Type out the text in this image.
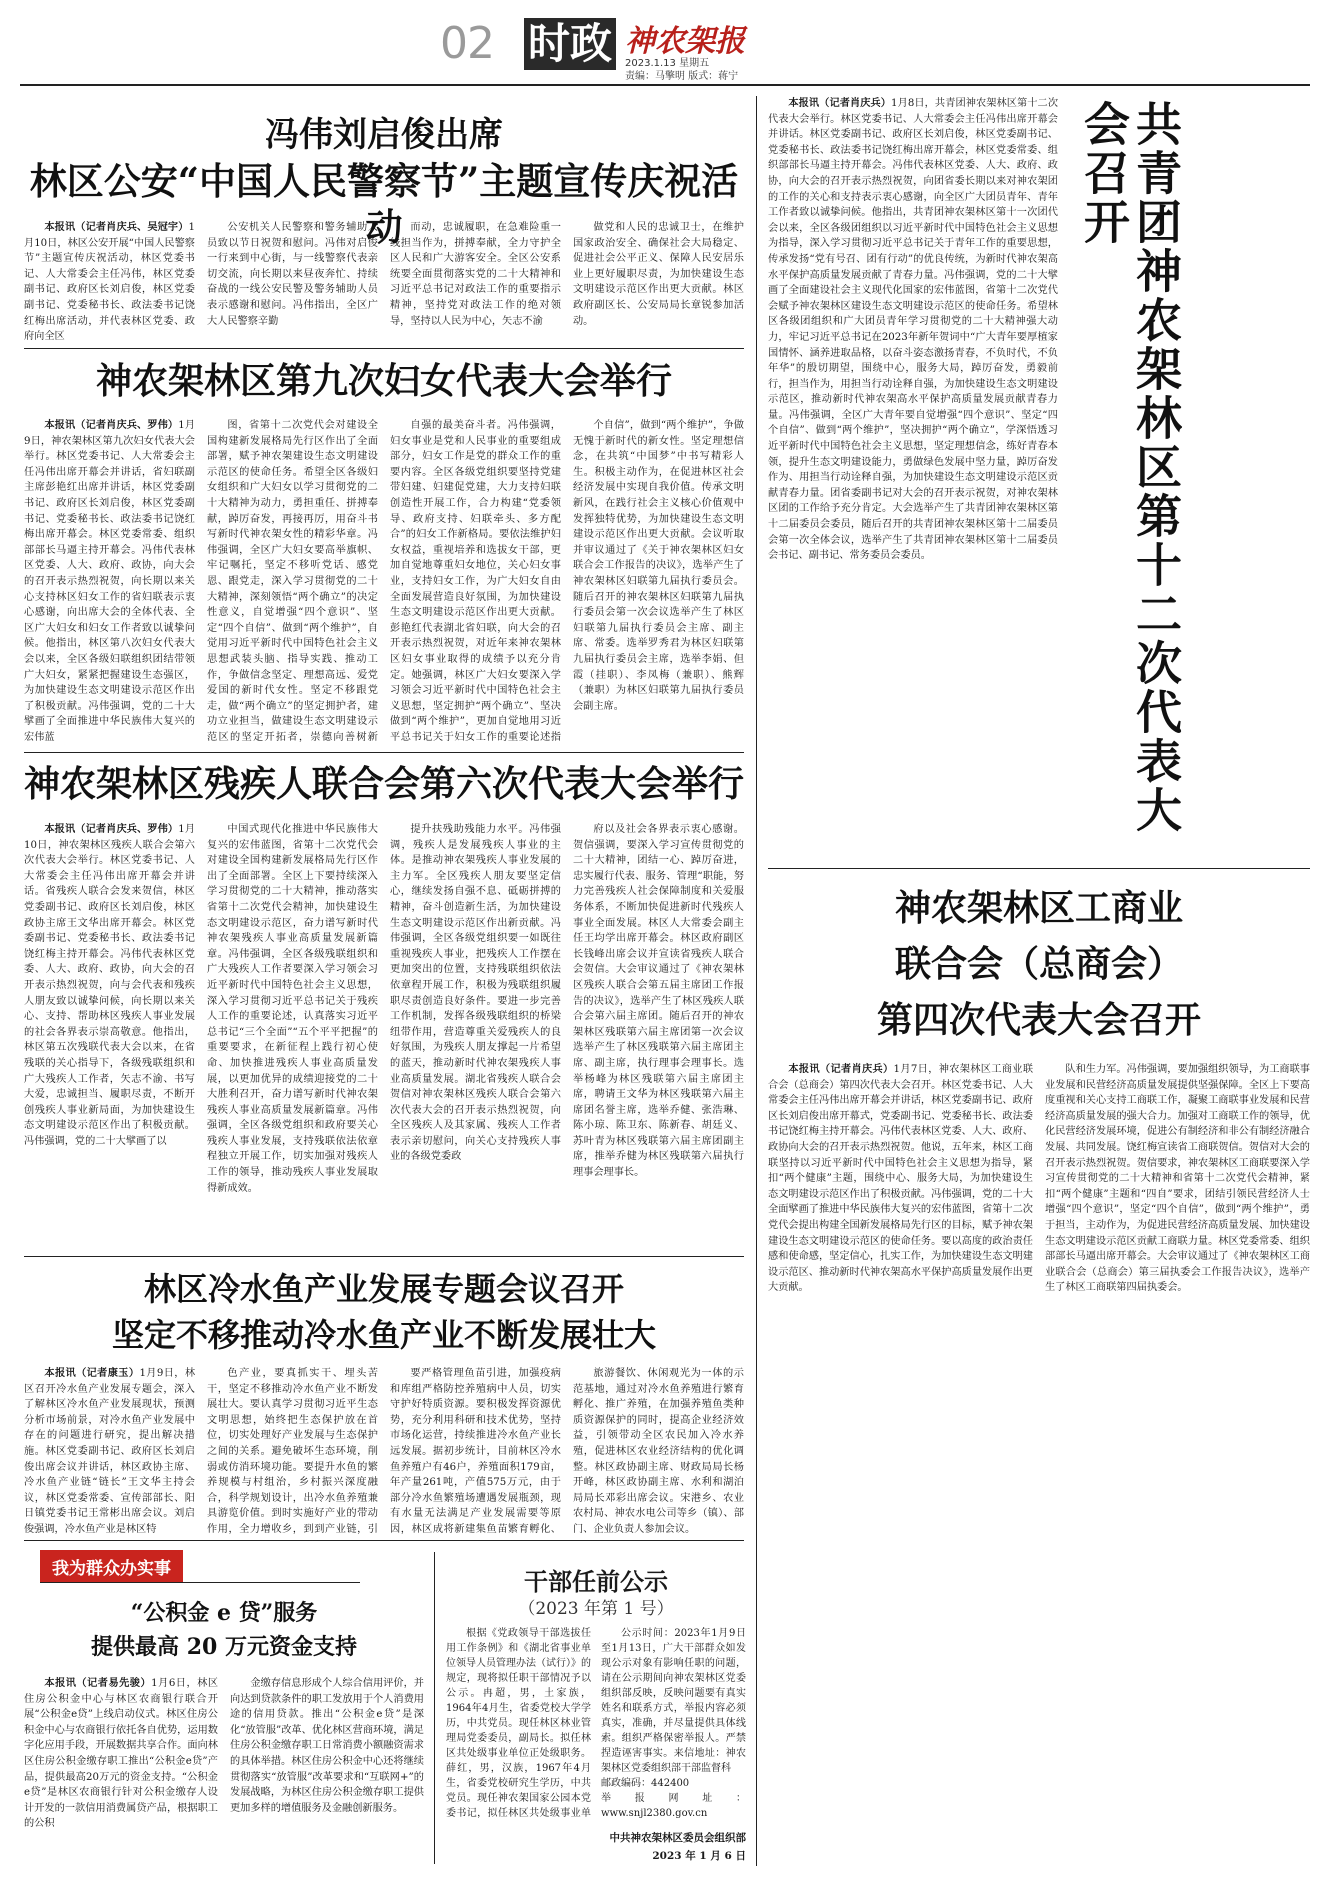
02 时政 神农架报
2023.1.13 星期五
责编：马擎明 版式：蒋宁
冯伟刘启俊出席
林区公安“中国人民警察节”主题宣传庆祝活动

本报讯（记者肖庆兵、吴冠宇）1月10日，林区公安开展“中国人民警察节”主题宣传庆祝活动，林区党委书记、人大常委会主任冯伟，林区党委副书记、政府区长刘启俊，林区党委副书记、党委秘书长、政法委书记饶红梅出席活动，并代表林区党委、政府向全区

公安机关人民警察和警务辅助人员致以节日祝贺和慰问。冯伟对启俊一行来到中心街，与一线警察代表亲切交流，向长期以来昼夜奔忙、持续奋战的一线公安民警及警务辅助人员表示感谢和慰问。冯伟指出，全区广大人民警察辛勤

而动，忠诚履职，在急难险重一线担当作为，拼搏奉献，全力守护全区人民和广大游客安全。全区公安系统要全面贯彻落实党的二十大精神和习近平总书记对政法工作的重要指示精神，坚持党对政法工作的绝对领导，坚持以人民为中心，矢志不渝

做党和人民的忠诚卫士，在维护国家政治安全、确保社会大局稳定、促进社会公平正义、保障人民安居乐业上更好履职尽责，为加快建设生态文明建设示范区作出更大贡献。林区政府副区长、公安局局长章锐参加活动。

神农架林区第九次妇女代表大会举行

本报讯（记者肖庆兵、罗伟）1月9日，神农架林区第九次妇女代表大会举行。林区党委书记、人大常委会主任冯伟出席开幕会并讲话，省妇联副主席彭艳红出席并讲话，林区党委副书记、政府区长刘启俊，林区党委副书记、党委秘书长、政法委书记饶红梅出席开幕会。林区党委常委、组织部部长马逼主持开幕会。冯伟代表林区党委、人大、政府、政协，向大会的召开表示热烈祝贺，向长期以来关心支持林区妇女工作的省妇联表示衷心感谢，向出席大会的全体代表、全区广大妇女和妇女工作者致以诚挚问候。他指出，林区第八次妇女代表大会以来，全区各级妇联组织团结带领广大妇女，紧紧把握建设生态强区，为加快建设生态文明建设示范区作出了积极贡献。冯伟强调，党的二十大擘画了全面推进中华民族伟大复兴的宏伟蓝

图，省第十二次党代会对建设全国构建新发展格局先行区作出了全面部署，赋予神农架建设生态文明建设示范区的使命任务。希望全区各级妇女组织和广大妇女以学习贯彻党的二十大精神为动力，勇担重任、拼搏奉献，踔厉奋发，再接再厉，用奋斗书写新时代神农架女性的精彩华章。冯伟强调，全区广大妇女要高举旗帜、牢记嘱托，坚定不移听党话、感党恩、跟党走，深入学习贯彻党的二十大精神，深刻领悟“两个确立”的决定性意义，自觉增强“四个意识”、坚定“四个自信”、做到“两个维护”，自觉用习近平新时代中国特色社会主义思想武装头脑、指导实践、推动工作，争做信念坚定、理想高远、爱党爱国的新时代女性。坚定不移跟党走，做“两个确立”的坚定拥护者，建功立业担当，做建设生态文明建设示范区的坚定开拓者，崇德向善树新

自强的最美奋斗者。冯伟强调，妇女事业是党和人民事业的重要组成部分，妇女工作是党的群众工作的重要内容。全区各级党组织要坚持党建带妇建、妇建促党建，大力支持妇联创造性开展工作，合力构建“党委领导、政府支持、妇联牵头、多方配合”的妇女工作新格局。要依法维护妇女权益，重视培养和选拔女干部，更加自觉地尊重妇女地位，关心妇女事业，支持妇女工作，为广大妇女自由全面发展营造良好氛围，为加快建设生态文明建设示范区作出更大贡献。彭艳红代表湖北省妇联，向大会的召开表示热烈祝贺，对近年来神农架林区妇女事业取得的成绩予以充分肯定。她强调，林区广大妇女要深入学习领会习近平新时代中国特色社会主义思想，坚定拥护“两个确立”、坚决做到“两个维护”，更加自觉地用习近平总书记关于妇女工作的重要论述指

个自信”，做到“两个维护”，争做无愧于新时代的新女性。坚定理想信念，在共筑“中国梦”中书写精彩人生。积极主动作为，在促进林区社会经济发展中实现自我价值。传承文明新风，在践行社会主义核心价值观中发挥独特优势，为加快建设生态文明建设示范区作出更大贡献。会议听取并审议通过了《关于神农架林区妇女联合会工作报告的决议》，选举产生了神农架林区妇联第九届执行委员会。随后召开的神农架林区妇联第九届执行委员会第一次会议选举产生了林区妇联第九届执行委员会主席、副主席、常委。选举罗秀君为林区妇联第九届执行委员会主席，选举李娟、但霞（挂职）、李凤梅（兼职）、熊辉（兼职）为林区妇联第九届执行委员会副主席。

神农架林区残疾人联合会第六次代表大会举行

本报讯（记者肖庆兵、罗伟）1月10日，神农架林区残疾人联合会第六次代表大会举行。林区党委书记、人大常委会主任冯伟出席开幕会并讲话。省残疾人联合会发来贺信，林区党委副书记、政府区长刘启俊，林区政协主席王文华出席开幕会。林区党委副书记、党委秘书长、政法委书记饶红梅主持开幕会。冯伟代表林区党委、人大、政府、政协，向大会的召开表示热烈祝贺，向与会代表和残疾人朋友致以诚挚问候，向长期以来关心、支持、帮助林区残疾人事业发展的社会各界表示崇高敬意。他指出，林区第五次残联代表大会以来，在省残联的关心指导下，各级残联组织和广大残疾人工作者，矢志不渝、书写大爱，忠诚担当、履职尽责，不断开创残疾人事业新局面，为加快建设生态文明建设示范区作出了积极贡献。冯伟强调，党的二十大擘画了以

中国式现代化推进中华民族伟大复兴的宏伟蓝图，省第十二次党代会对建设全国构建新发展格局先行区作出了全面部署。全区上下要持续深入学习贯彻党的二十大精神，推动落实省第十二次党代会精神，加快建设生态文明建设示范区，奋力谱写新时代神农架残疾人事业高质量发展新篇章。冯伟强调，全区各级残联组织和广大残疾人工作者要深入学习领会习近平新时代中国特色社会主义思想，深入学习贯彻习近平总书记关于残疾人工作的重要论述，认真落实习近平总书记“三个全面”“五个平平把握”的重要要求，在新征程上践行初心使命、加快推进残疾人事业高质量发展，以更加优异的成绩迎接党的二十大胜利召开，奋力谱写新时代神农架残疾人事业高质量发展新篇章。冯伟强调，全区各级党组织和政府要关心残疾人事业发展，支持残联依法依章程独立开展工作，切实加强对残疾人工作的领导，推动残疾人事业发展取得新成效。

提升扶残助残能力水平。冯伟强调，残疾人是发展残疾人事业的主体。是推动神农架残疾人事业发展的主力军。全区残疾人朋友要坚定信心，继续发扬自强不息、砥砺拼搏的精神，奋斗创造新生活，为加快建设生态文明建设示范区作出新贡献。冯伟强调，全区各级党组织要一如既往重视残疾人事业，把残疾人工作摆在更加突出的位置，支持残联组织依法依章程开展工作，积极为残联组织履职尽责创造良好条件。要进一步完善工作机制，发挥各级残联组织的桥梁纽带作用，营造尊重关爱残疾人的良好氛围，为残疾人朋友撑起一片希望的蓝天，推动新时代神农架残疾人事业高质量发展。湖北省残疾人联合会贺信对神农架林区残疾人联合会第六次代表大会的召开表示热烈祝贺，向全区残疾人及其家属、残疾人工作者表示亲切慰问，向关心支持残疾人事业的各级党委政

府以及社会各界表示衷心感谢。贺信强调，要深入学习宣传贯彻党的二十大精神，团结一心、踔厉奋进，忠实履行代表、服务、管理“职能，努力完善残疾人社会保障制度和关爱服务体系，不断加快促进新时代残疾人事业全面发展。林区人大常委会副主任王均学出席开幕会。林区政府副区长钱峰出席会议并宣读省残疾人联合会贺信。大会审议通过了《神农架林区残疾人联合会第五届主席团工作报告的决议》，选举产生了林区残疾人联合会第六届主席团。随后召开的神农架林区残联第六届主席团第一次会议选举产生了林区残联第六届主席团主席、副主席，执行理事会理事长。选举杨峰为林区残联第六届主席团主席，聘请王文华为林区残联第六届主席团名誉主席，选举乔健、张浩琳、陈小琼、陈卫东、陈新春、胡廷义、苏叶青为林区残联第六届主席团副主席，推举乔健为林区残联第六届执行理事会理事长。

林区冷水鱼产业发展专题会议召开
坚定不移推动冷水鱼产业不断发展壮大

本报讯（记者康玉）1月9日，林区召开冷水鱼产业发展专题会，深入了解林区冷水鱼产业发展现状，预测分析市场前景，对冷水鱼产业发展中存在的问题进行研究，提出解决措施。林区党委副书记、政府区长刘启俊出席会议并讲话，林区政协主席、冷水鱼产业链“链长”王文华主持会议，林区党委常委、宣传部部长、阳日镇党委书记王常彬出席会议。刘启俊强调，冷水鱼产业是林区特

色产业，要真抓实干、埋头苦干，坚定不移推动冷水鱼产业不断发展壮大。要认真学习贯彻习近平生态文明思想，始终把生态保护放在首位，切实处理好产业发展与生态保护之间的关系。避免破坏生态环境，削弱或仿消环境功能。要提升水鱼的繁养规模与村组治，乡村振兴深度融合，科学规划设计，出冷水鱼养殖兼具游览价值。到时实施好产业的带动作用，全力增收乡，到到产业链，引

要严格管理鱼苗引进，加强疫病和库组严格防控养殖病中人员，切实守护好特质资源。要积极发挥资源优势，充分利用科研和技术优势，坚持市场化运营，持续推进冷水鱼产业长远发展。据初步统计，目前林区冷水鱼养殖户有46户，养殖面积179亩，年产量261吨，产值575万元，由于部分冷水鱼繁殖场遭遇发展瓶颈，现有水量无法满足产业发展需要等原因，林区成将新建集鱼苗繁育孵化、

旅游餐饮、休闲观光为一体的示范基地，通过对冷水鱼养殖进行繁育孵化、推广养殖，在加强养殖鱼类种质资源保护的同时，提高企业经济效益，引领带动全区农民加入冷水养殖，促进林区农业经济结构的优化调整。林区政协副主席、财政局局长杨开峰，林区政协副主席、水利和湖泊局局长邓彩出席会议。宋港乡、农业农村局、神农水电公司等乡（镇）、部门、企业负责人参加会议。

我为群众办实事
“公积金 e 贷”服务
提供最高 20 万元资金支持

本报讯（记者易先骏）1月6日，林区住房公积金中心与林区农商银行联合开展“公积金e贷”上线启动仪式。林区住房公积金中心与农商银行依托各自优势，运用数字化应用手段，开展数据共享合作。面向林区住房公积金缴存职工推出“公积金e贷”产品，提供最高20万元的资金支持。“公积金e贷”是林区农商银行针对公积金缴存人设计开发的一款信用消费属贷产品，根据职工的公积

金缴存信息形成个人综合信用评价，并向达到贷款条件的职工发放用于个人消费用途的信用贷款。推出“公积金e贷”是深化“放管服”改革、优化林区营商环境，满足住房公积金缴存职工日常消费小额融资需求的具体举措。林区住房公积金中心还将继续贯彻落实“放管服”改革要求和“互联网+”的发展战略，为林区住房公积金缴存职工提供更加多样的增值服务及金融创新服务。

干部任前公示
（2023 年第 1 号）

根据《党政领导干部选拔任用工作条例》和《湖北省事业单位领导人员管理办法（试行）》的规定，现将拟任职干部情况予以公示。冉超，男，土家族，1964年4月生，省委党校大学学历，中共党员。现任林区林业管理局党委委员，副局长。拟任林区共处级事业单位正处级职务。薛红，男，汉族，1967年4月生，省委党校研究生学历，中共党员。现任神农架国家公园本党委书记，拟任林区共处级事业单

公示时间：2023年1月9日至1月13日，广大干部群众如发现公示对象有影响任职的问题，请在公示期间向神农架林区党委组织部反映，反映问题要有真实姓名和联系方式，举报内容必须真实，准确，并尽量提供具体线索。组织严格保密举报人。严禁捏造诬害事实。来信地址：神农架林区党委组织部干部监督科

邮政编码：442400
举报网址：www.snjl2380.gov.cn
中共神农架林区委员会组织部
2023 年 1 月 6 日

本报讯（记者肖庆兵）1月8日，共青团神农架林区第十二次代表大会举行。林区党委书记、人大常委会主任冯伟出席开幕会并讲话。林区党委副书记、政府区长刘启俊，林区党委副书记、党委秘书长、政法委书记饶红梅出席开幕会，林区党委常委、组织部部长马逼主持开幕会。冯伟代表林区党委、人大、政府、政协，向大会的召开表示热烈祝贺，向团省委长期以来对神农架团的工作的关心和支持表示衷心感谢，向全区广大团员青年、青年工作者致以诚挚问候。他指出，共青团神农架林区第十一次团代会以来，全区各级团组织以习近平新时代中国特色社会主义思想为指导，深入学习贯彻习近平总书记关于青年工作的重要思想，传承发扬“党有号召、团有行动”的优良传统，为新时代神农架高水平保护高质量发展贡献了青春力量。冯伟强调，党的二十大擘画了全面建设社会主义现代化国家的宏伟蓝图，省第十二次党代会赋予神农架林区建设生态文明建设示范区的使命任务。希望林区各级团组织和广大团员青年学习贯彻党的二十大精神强大动力，牢记习近平总书记在2023年新年贺词中“广大青年要厚植家国情怀、涵养进取品格，以奋斗姿态激扬青春，不负时代，不负年华”的殷切期望，围绕中心，服务大局，踔厉奋发，勇毅前行，担当作为，用担当行动诠释自强，为加快建设生态文明建设示范区，推动新时代神农架高水平保护高质量发展贡献青春力量。冯伟强调，全区广大青年要自觉增强“四个意识”、坚定“四个自信”、做到“两个维护”，坚决拥护“两个确立”，学深悟透习近平新时代中国特色社会主义思想，坚定理想信念，练好青春本领，提升生态文明建设能力，勇做绿色发展中坚力量，踔厉奋发作为、用担当行动诠释自强，为加快建设生态文明建设示范区贡献青春力量。团省委副书记对大会的召开表示祝贺，对神农架林区团的工作给予充分肯定。大会选举产生了共青团神农架林区第十二届委员会委员，随后召开的共青团神农架林区第十二届委员会第一次全体会议，选举产生了共青团神农架林区第十二届委员会书记、副书记、常务委员会委员。	共青团神农架林区第十二次代表大会召开
神农架林区工商业
联合会（总商会）
第四次代表大会召开

本报讯（记者肖庆兵）1月7日，神农架林区工商业联合会（总商会）第四次代表大会召开。林区党委书记、人大常委会主任冯伟出席开幕会并讲话，林区党委副书记、政府区长刘启俊出席开幕式，党委副书记、党委秘书长、政法委书记饶红梅主持开幕会。冯伟代表林区党委、人大、政府、政协向大会的召开表示热烈祝贺。他说，五年来，林区工商联坚持以习近平新时代中国特色社会主义思想为指导，紧扣“两个健康”主题，围绕中心、服务大局，为加快建设生态文明建设示范区作出了积极贡献。冯伟强调，党的二十大全面擘画了推进中华民族伟大复兴的宏伟蓝图，省第十二次党代会提出构建全国新发展格局先行区的目标，赋予神农架建设生态文明建设示范区的使命任务。要以高度的政治责任感和使命感，坚定信心，扎实工作，为加快建设生态文明建设示范区、推动新时代神农架高水平保护高质量发展作出更大贡献。

队和生力军。冯伟强调，要加强组织领导，为工商联事业发展和民营经济高质量发展提供坚强保障。全区上下要高度重视和关心支持工商联工作，凝聚工商联事业发展和民营经济高质量发展的强大合力。加强对工商联工作的领导，优化民营经济发展环境，促进公有制经济和非公有制经济融合发展、共同发展。饶红梅宣读省工商联贺信。贺信对大会的召开表示热烈祝贺。贺信要求，神农架林区工商联要深入学习宣传贯彻党的二十大精神和省第十二次党代会精神，紧扣“两个健康”主题和“四自”要求，团结引领民营经济人士增强“四个意识”，坚定“四个自信”，做到“两个维护”，勇于担当，主动作为，为促进民营经济高质量发展、加快建设生态文明建设示范区贡献工商联力量。林区党委常委、组织部部长马逼出席开幕会。大会审议通过了《神农架林区工商业联合会（总商会）第三届执委会工作报告决议》，选举产生了林区工商联第四届执委会。
